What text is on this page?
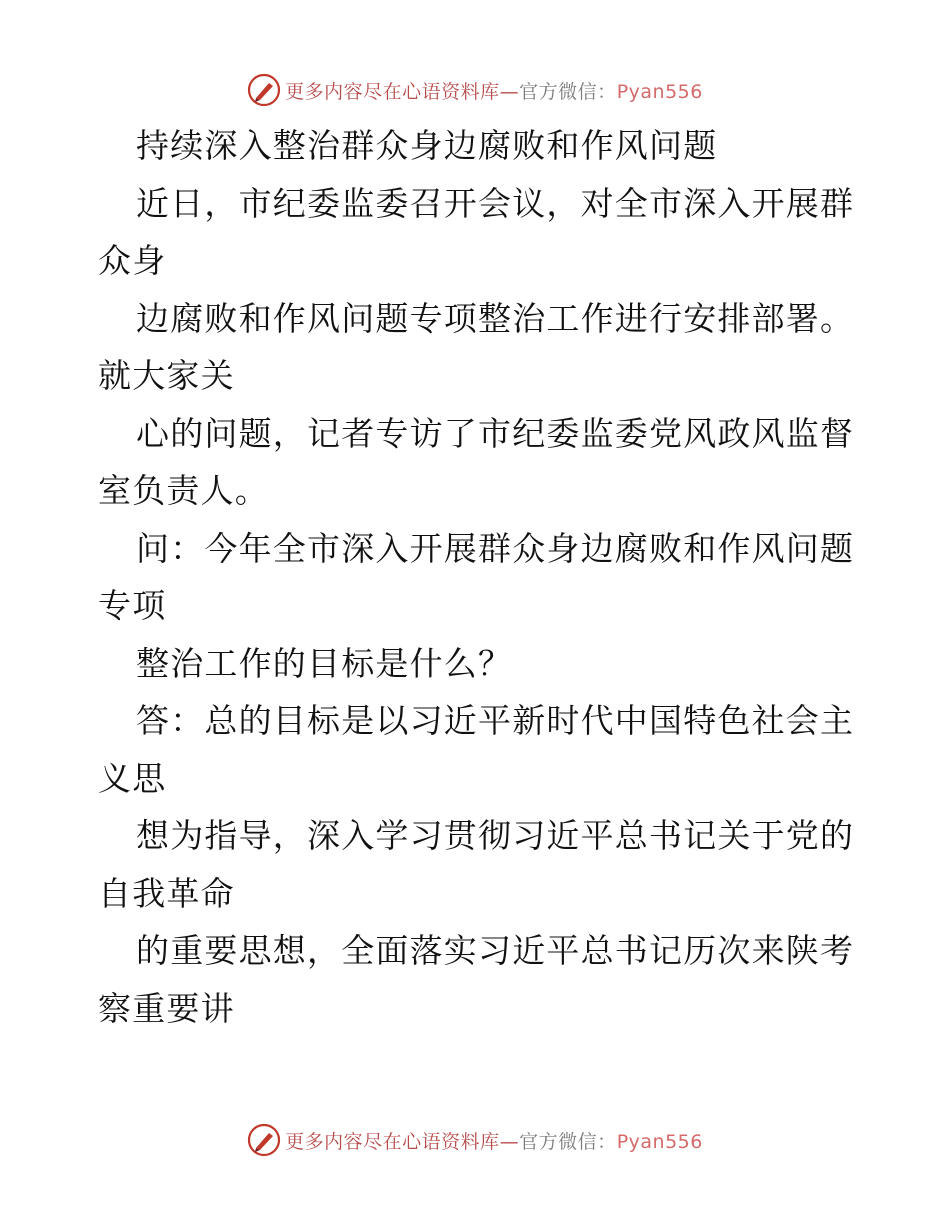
更多内容尽在心语资料库—官方微信：Pyan556
持续深入整治群众身边腐败和作风问题
近日，市纪委监委召开会议，对全市深入开展群
众身
边腐败和作风问题专项整治工作进行安排部署。
就大家关
心的问题，记者专访了市纪委监委党风政风监督
室负责人。
问：今年全市深入开展群众身边腐败和作风问题
专项
整治工作的目标是什么？
答：总的目标是以习近平新时代中国特色社会主
义思
想为指导，深入学习贯彻习近平总书记关于党的
自我革命
的重要思想，全面落实习近平总书记历次来陕考
察重要讲
更多内容尽在心语资料库—官方微信：Pyan556
